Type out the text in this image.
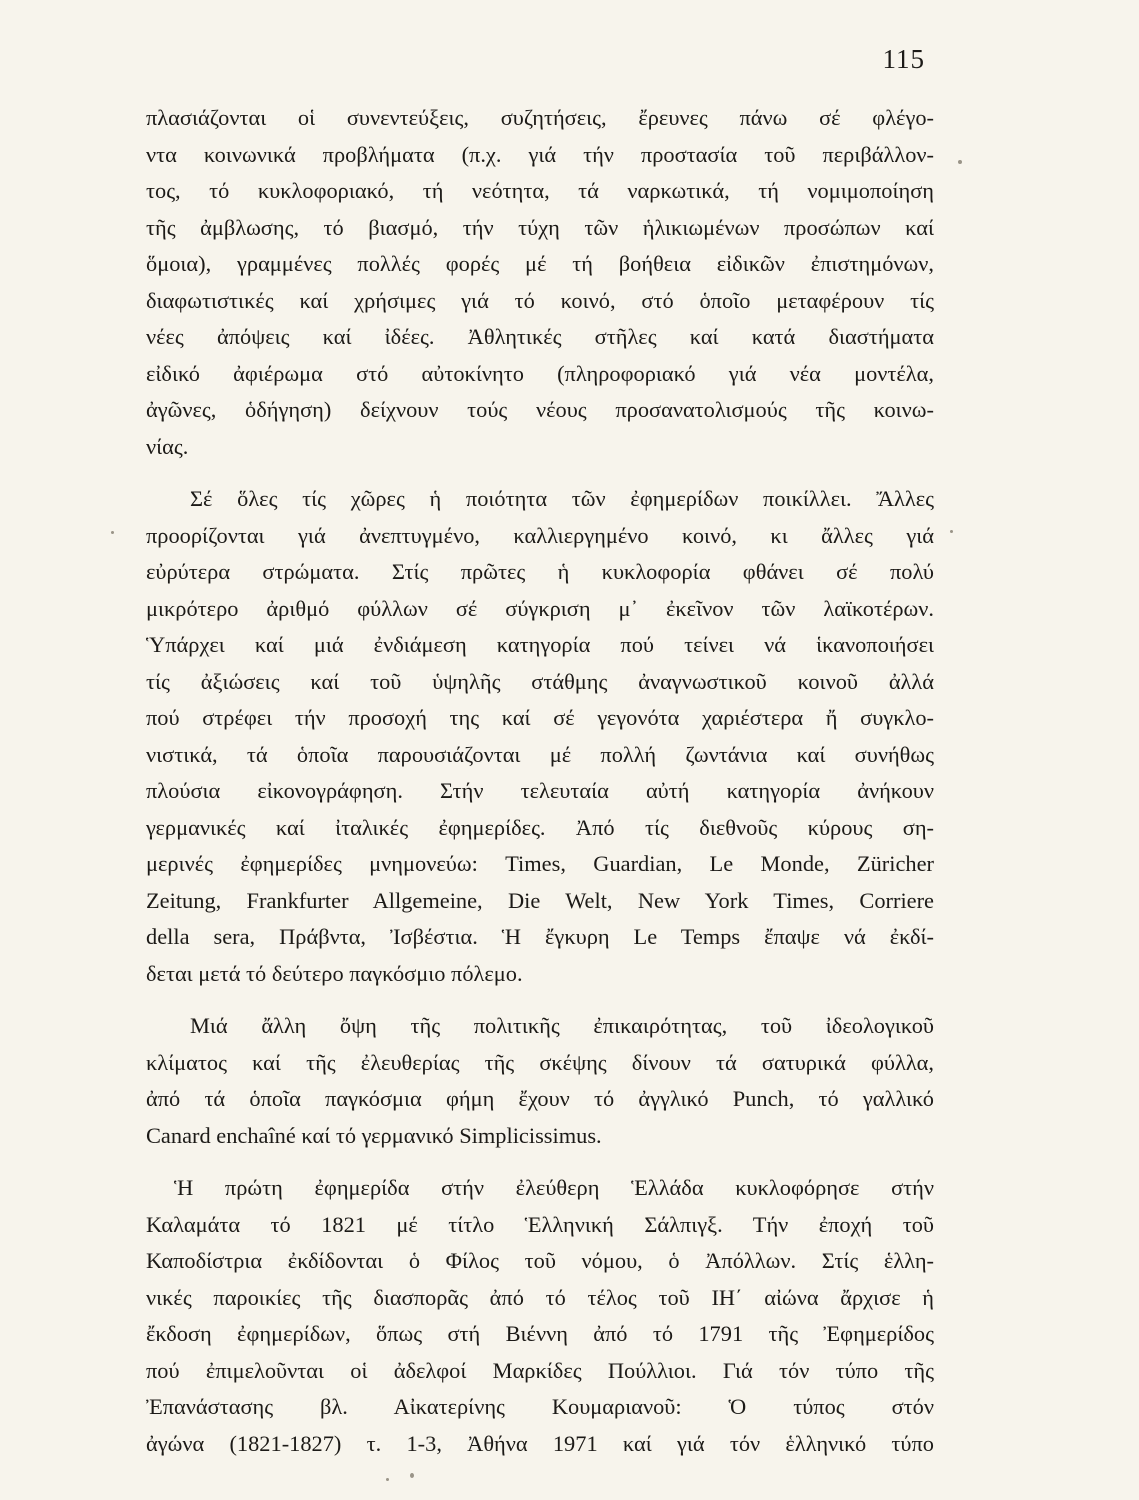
115

πλασιάζονται οἱ συνεντεύξεις, συζητήσεις, ἔρευνες πάνω σέ φλέγο-
ντα κοινωνικά προβλήματα (π.χ. γιά τήν προστασία τοῦ περιβάλλον-
τος, τό κυκλοφοριακό, τή νεότητα, τά ναρκωτικά, τή νομιμοποίηση
τῆς ἀμβλωσης, τό βιασμό, τήν τύχη τῶν ἡλικιωμένων προσώπων καί
ὅμοια), γραμμένες πολλές φορές μέ τή βοήθεια εἰδικῶν ἐπιστημόνων,
διαφωτιστικές καί χρήσιμες γιά τό κοινό, στό ὁποῖο μεταφέρουν τίς
νέες ἀπόψεις καί ἰδέες. Ἀθλητικές στῆλες καί κατά διαστήματα
εἰδικό ἀφιέρωμα στό αὐτοκίνητο (πληροφοριακό γιά νέα μοντέλα,
ἀγῶνες, ὁδήγηση) δείχνουν τούς νέους προσανατολισμούς τῆς κοινω-
νίας.

Σέ ὅλες τίς χῶρες ἡ ποιότητα τῶν ἐφημερίδων ποικίλλει. Ἄλλες
προορίζονται γιά ἀνεπτυγμένο, καλλιεργημένο κοινό, κι ἄλλες γιά
εὐρύτερα στρώματα. Στίς πρῶτες ἡ κυκλοφορία φθάνει σέ πολύ
μικρότερο ἀριθμό φύλλων σέ σύγκριση μ᾽ ἐκεῖνον τῶν λαϊκοτέρων.
Ὑπάρχει καί μιά ἐνδιάμεση κατηγορία πού τείνει νά ἱκανοποιήσει
τίς ἀξιώσεις καί τοῦ ὑψηλῆς στάθμης ἀναγνωστικοῦ κοινοῦ ἀλλά
πού στρέφει τήν προσοχή της καί σέ γεγονότα χαριέστερα ἤ συγκλο-
νιστικά, τά ὁποῖα παρουσιάζονται μέ πολλή ζωντάνια καί συνήθως
πλούσια εἰκονογράφηση. Στήν τελευταία αὐτή κατηγορία ἀνήκουν
γερμανικές καί ἰταλικές ἐφημερίδες. Ἀπό τίς διεθνοῦς κύρους ση-
μερινές ἐφημερίδες μνημονεύω: Times, Guardian, Le Monde, Züricher
Zeitung, Frankfurter Allgemeine, Die Welt, New York Times, Corriere
della sera, Πράβντα, Ἰσβέστια. Ἡ ἔγκυρη Le Temps ἔπαψε νά ἐκδί-
δεται μετά τό δεύτερο παγκόσμιο πόλεμο.

Μιά ἄλλη ὄψη τῆς πολιτικῆς ἐπικαιρότητας, τοῦ ἰδεολογικοῦ
κλίματος καί τῆς ἐλευθερίας τῆς σκέψης δίνουν τά σατυρικά φύλλα,
ἀπό τά ὁποῖα παγκόσμια φήμη ἔχουν τό ἀγγλικό Punch, τό γαλλικό
Canard enchaîné καί τό γερμανικό Simplicissimus.

Ἡ πρώτη ἐφημερίδα στήν ἐλεύθερη Ἑλλάδα κυκλοφόρησε στήν
Καλαμάτα τό 1821 μέ τίτλο Ἑλληνική Σάλπιγξ. Τήν ἐποχή τοῦ
Καποδίστρια ἐκδίδονται ὁ Φίλος τοῦ νόμου, ὁ Ἀπόλλων. Στίς ἑλλη-
νικές παροικίες τῆς διασπορᾶς ἀπό τό τέλος τοῦ ΙΗ΄ αἰώνα ἄρχισε ἡ
ἔκδοση ἐφημερίδων, ὅπως στή Βιέννη ἀπό τό 1791 τῆς Ἐφημερίδος
πού ἐπιμελοῦνται οἱ ἀδελφοί Μαρκίδες Πούλλιοι. Γιά τόν τύπο τῆς
Ἐπανάστασης βλ. Αἰκατερίνης Κουμαριανοῦ: Ὁ τύπος στόν
ἀγώνα (1821-1827) τ. 1-3, Ἀθήνα 1971 καί γιά τόν ἑλληνικό τύπο
